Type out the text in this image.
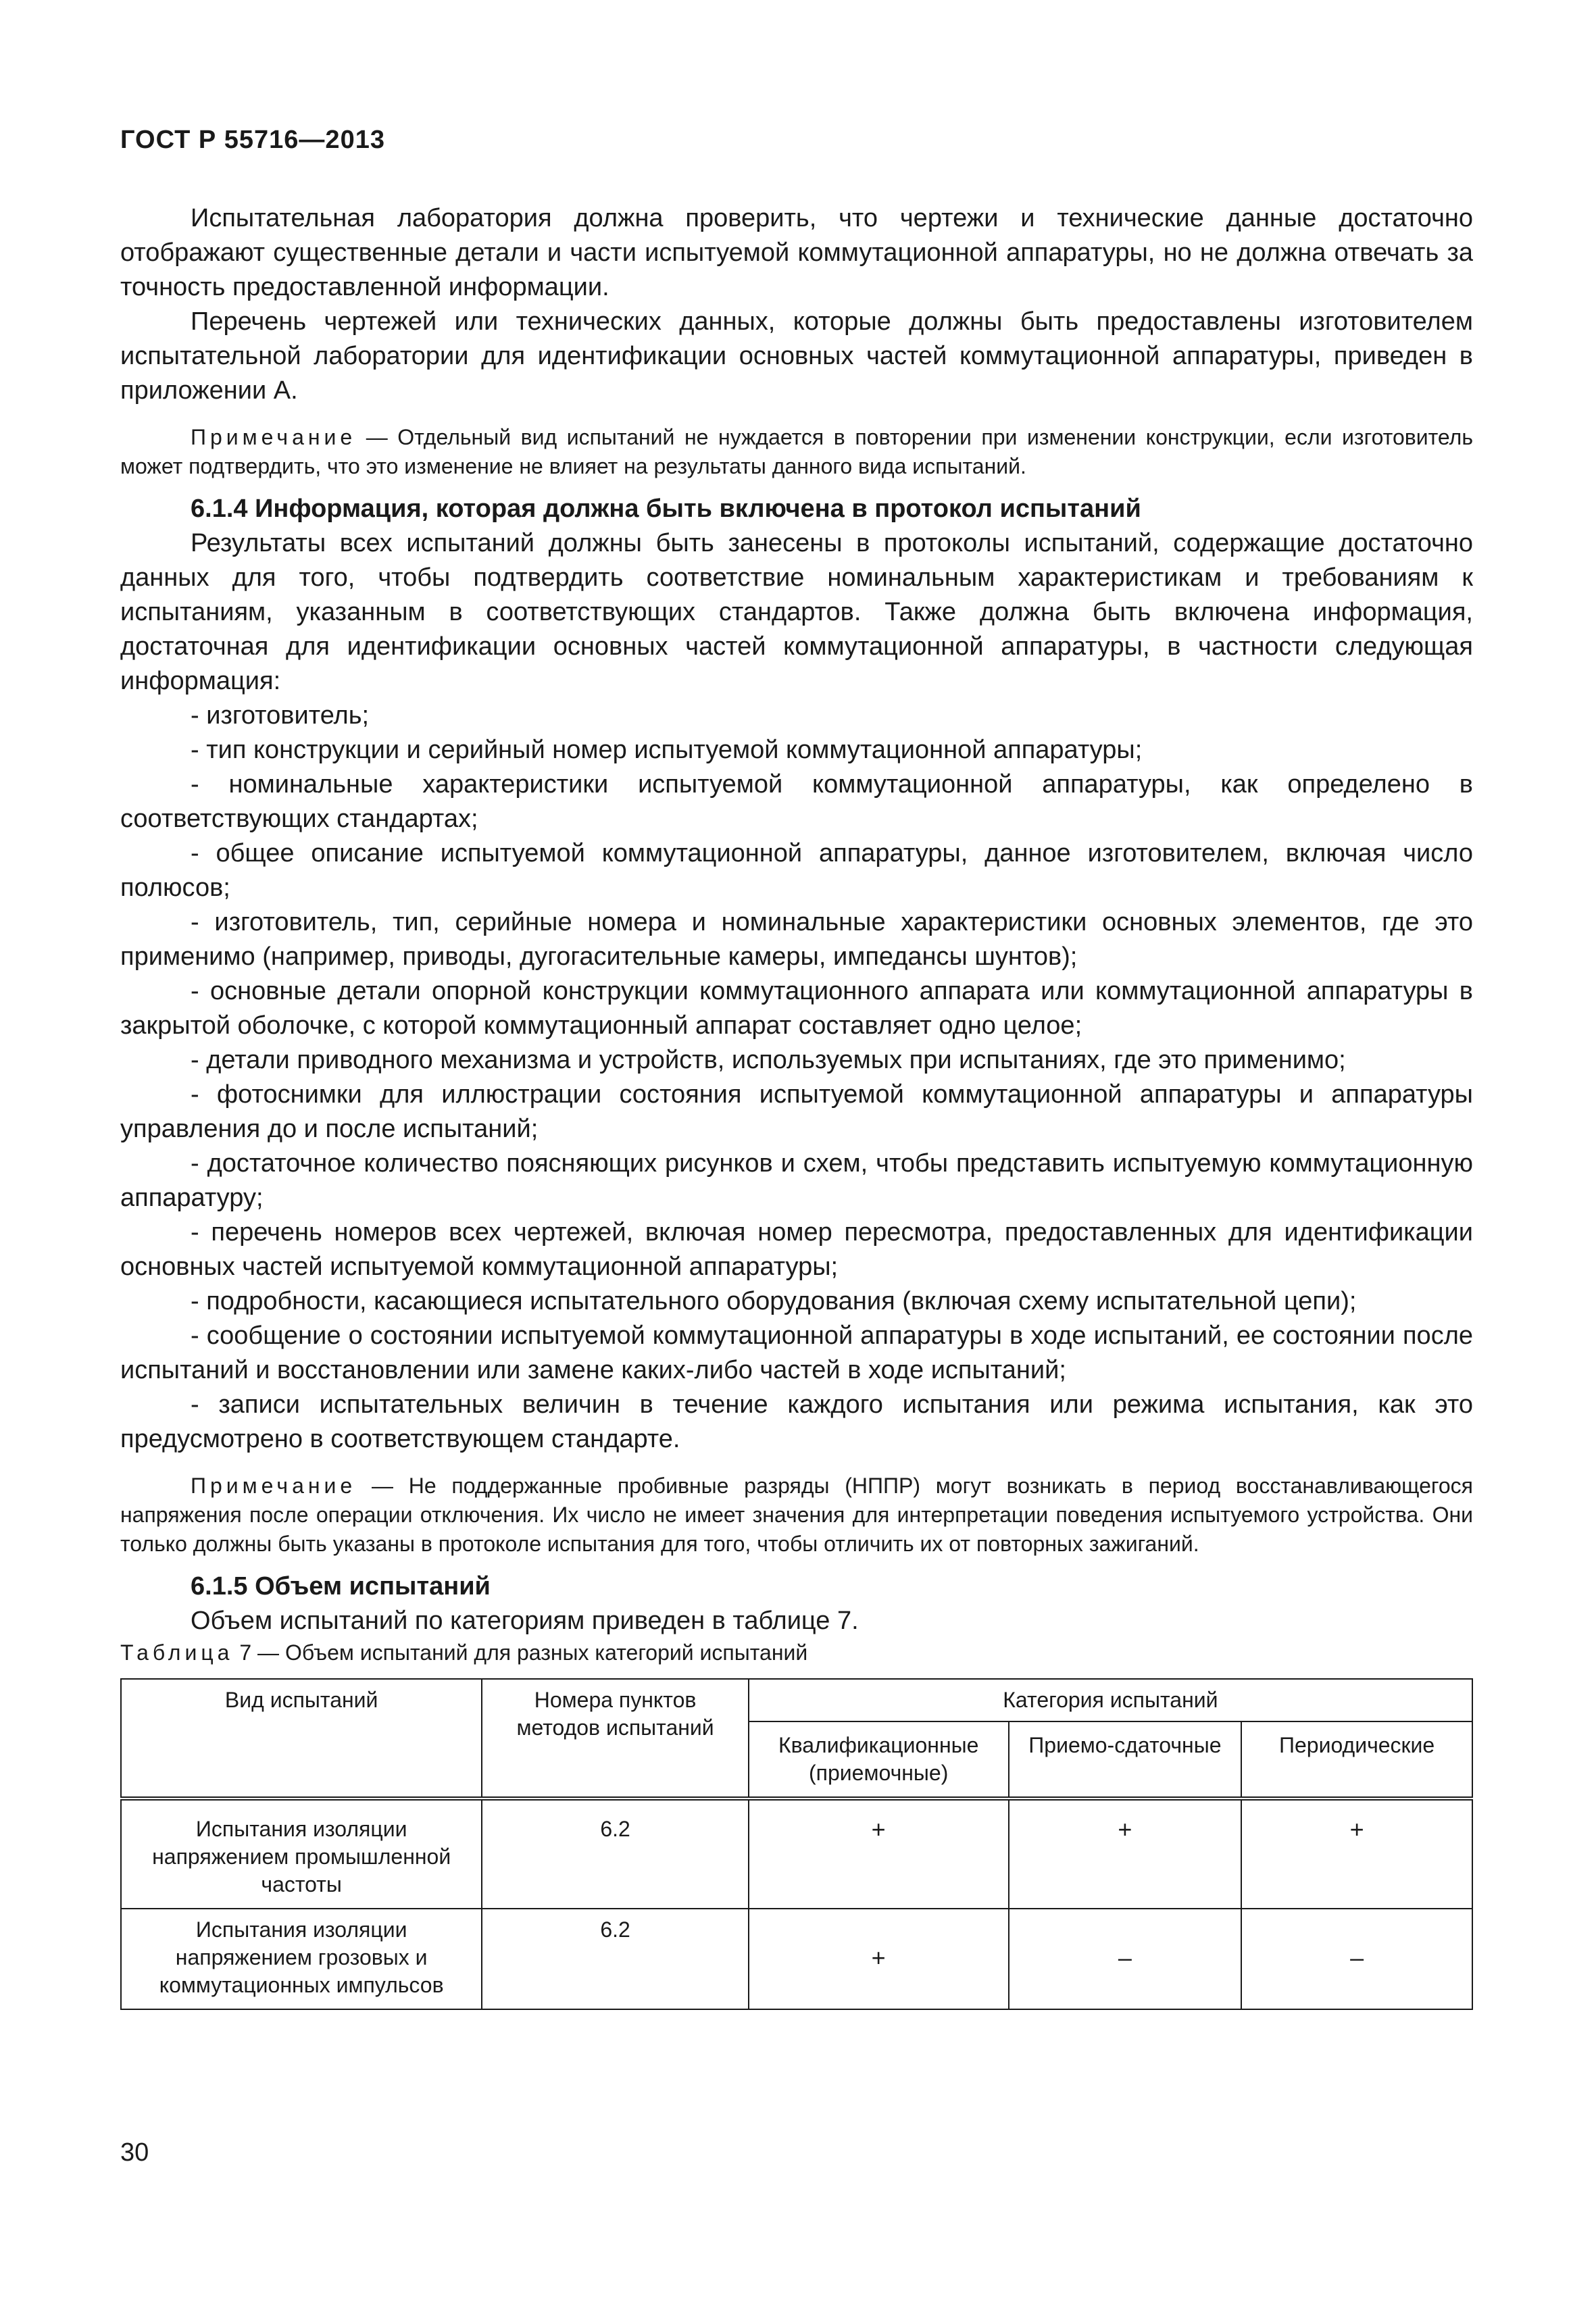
ГОСТ Р 55716—2013

Испытательная лаборатория должна проверить, что чертежи и технические данные достаточно отображают существенные детали и части испытуемой коммутационной аппаратуры, но не должна отвечать за точность предоставленной информации.

Перечень чертежей или технических данных, которые должны быть предоставлены изготовителем испытательной лаборатории для идентификации основных частей коммутационной аппаратуры, приведен в приложении А.

Примечание — Отдельный вид испытаний не нуждается в повторении при изменении конструкции, если изготовитель может подтвердить, что это изменение не влияет на результаты данного вида испытаний.

6.1.4 Информация, которая должна быть включена в протокол испытаний

Результаты всех испытаний должны быть занесены в протоколы испытаний, содержащие достаточно данных для того, чтобы подтвердить соответствие номинальным характеристикам и требованиям к испытаниям, указанным в соответствующих стандартов. Также должна быть включена информация, достаточная для идентификации основных частей коммутационной аппаратуры, в частности следующая информация:

- изготовитель;

- тип конструкции и серийный номер испытуемой коммутационной аппаратуры;

- номинальные характеристики испытуемой коммутационной аппаратуры, как определено в соответствующих стандартах;

- общее описание испытуемой коммутационной аппаратуры, данное изготовителем, включая число полюсов;

- изготовитель, тип, серийные номера и номинальные характеристики основных элементов, где это применимо (например, приводы, дугогасительные камеры, импедансы шунтов);

- основные детали опорной конструкции коммутационного аппарата или коммутационной аппаратуры в закрытой оболочке, с которой коммутационный аппарат составляет одно целое;

- детали приводного механизма и устройств, используемых при испытаниях, где это применимо;

- фотоснимки для иллюстрации состояния испытуемой коммутационной аппаратуры и аппаратуры управления до и после испытаний;

- достаточное количество поясняющих рисунков и схем, чтобы представить испытуемую коммутационную аппаратуру;

- перечень номеров всех чертежей, включая номер пересмотра, предоставленных для идентификации основных частей испытуемой коммутационной аппаратуры;

- подробности, касающиеся испытательного оборудования (включая схему испытательной цепи);

- сообщение о состоянии испытуемой коммутационной аппаратуры в ходе испытаний, ее состоянии после испытаний и восстановлении или замене каких-либо частей в ходе испытаний;

- записи испытательных величин в течение каждого испытания или режима испытания, как это предусмотрено в соответствующем стандарте.

Примечание — Не поддержанные пробивные разряды (НППР) могут возникать в период восстанавливающегося напряжения после операции отключения. Их число не имеет значения для интерпретации поведения испытуемого устройства. Они только должны быть указаны в протоколе испытания для того, чтобы отличить их от повторных зажиганий.

6.1.5 Объем испытаний

Объем испытаний по категориям приведен в таблице 7.

Таблица 7 — Объем испытаний для разных категорий испытаний

Вид испытаний	Номера пунктов методов испытаний	Категория испытаний		
		Квалификационные (приемочные)	Приемо-сдаточные	Периодические
Испытания изоляции напряжением промышленной частоты	6.2	+	+	+
Испытания изоляции напряжением грозовых и коммутационных импульсов	6.2	+	–	–
30
